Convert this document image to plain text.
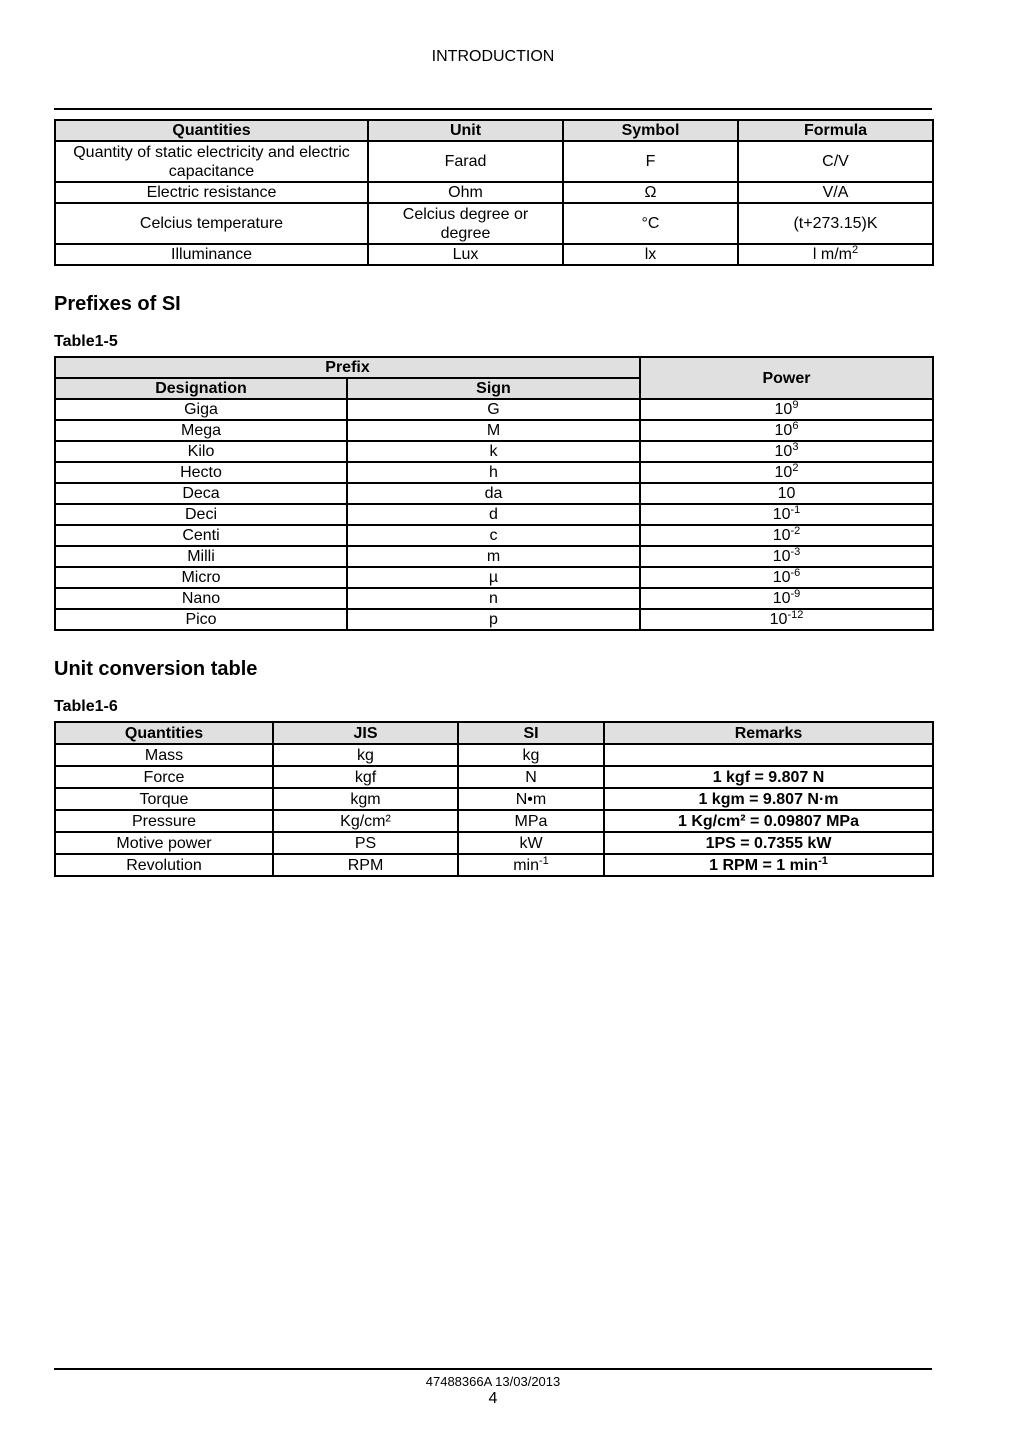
INTRODUCTION
Quantities	Unit	Symbol	Formula
Quantity of static electricity and electric capacitance	Farad	F	C/V
Electric resistance	Ohm	Ω	V/A
Celcius temperature	Celcius degree or degree	°C	(t+273.15)K
Illuminance	Lux	lx	l $m/m^2$
Prefixes of SI
Table1-5
Prefix		Power
Designation	Sign	
Giga	G	$10^9$
Mega	M	$10^6$
Kilo	k	$10^3$
Hecto	h	$10^2$
Deca	da	10
Deci	d	$10^{-1}$
Centi	c	$10^{-2}$
Milli	m	$10^{-3}$
Micro	µ	$10^{-6}$
Nano	n	$10^{-9}$
Pico	p	$10^{-12}$
Unit conversion table
Table1-6
Quantities	JIS	SI	Remarks
Mass	kg	kg	
Force	kgf	N	1 kgf = 9.807 N
Torque	kgm	N•m	1 kgm = 9.807 N·m
Pressure	Kg/cm²	MPa	1 Kg/cm² = 0.09807 MPa
Motive power	PS	kW	1PS = 0.7355 kW
Revolution	RPM	$\min^{-1}$	1 RPM = 1 $\min^{-1}$
47488366A 13/03/2013
4
